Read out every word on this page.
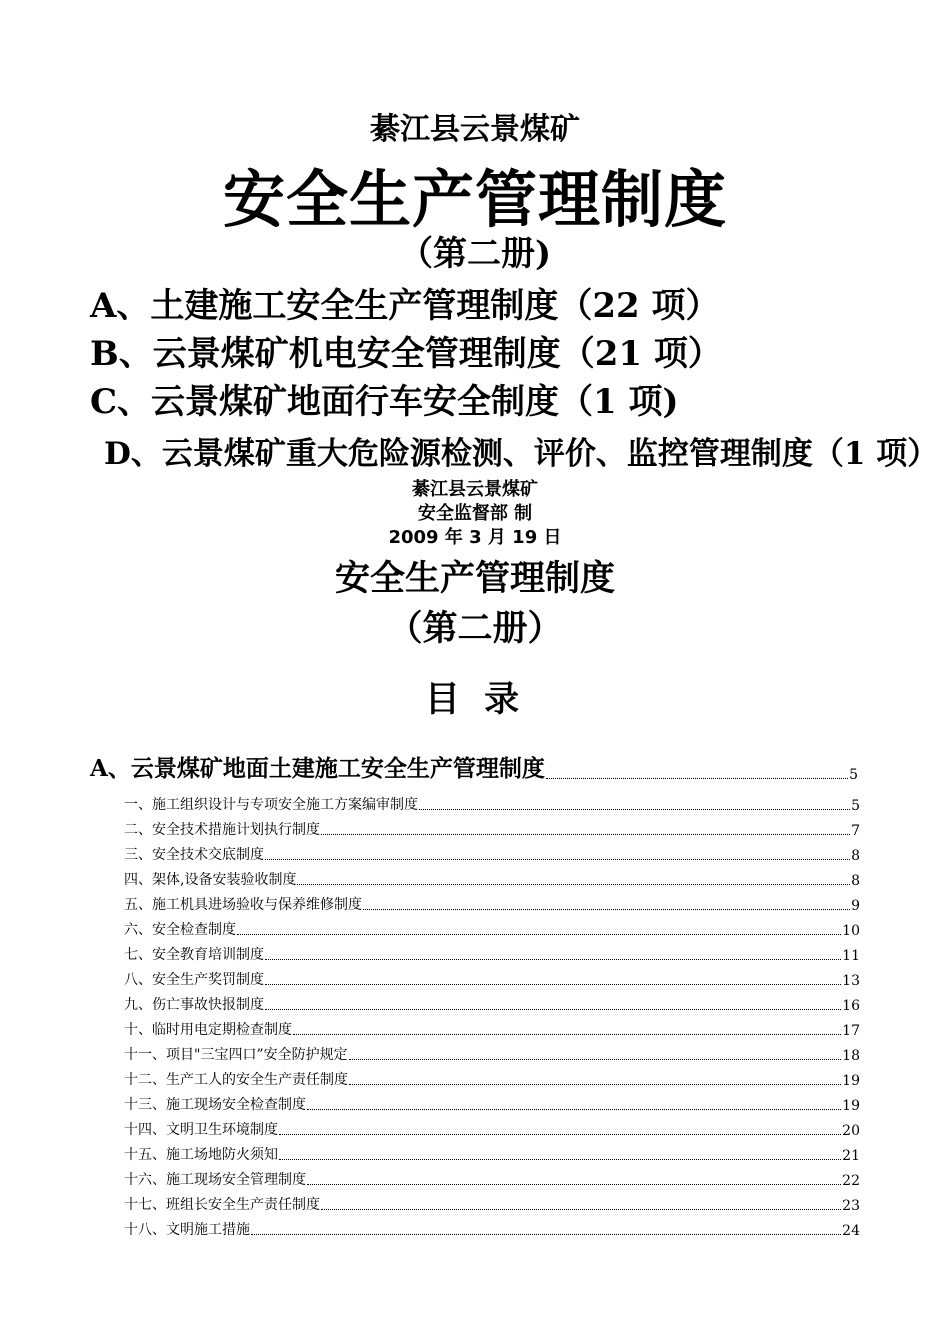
綦江县云景煤矿
安全生产管理制度
（第二册)
A、土建施工安全生产管理制度（22 项）
B、云景煤矿机电安全管理制度（21 项）
C、云景煤矿地面行车安全制度（1 项)
D、云景煤矿重大危险源检测、评价、监控管理制度（1 项）
綦江县云景煤矿
安全监督部 制
2009 年 3 月 19 日
安全生产管理制度
（第二册）
目 录
A、云景煤矿地面土建施工安全生产管理制度	5
一、施工组织设计与专项安全施工方案编审制度	5
二、安全技术措施计划执行制度	7
三、安全技术交底制度	8
四、架体,设备安装验收制度	8
五、施工机具进场验收与保养维修制度	9
六、安全检查制度	10
七、安全教育培训制度	11
八、安全生产奖罚制度	13
九、伤亡事故快报制度	16
十、临时用电定期检查制度	17
十一、项目"三宝四口”安全防护规定	18
十二、生产工人的安全生产责任制度	19
十三、施工现场安全检查制度	19
十四、文明卫生环境制度	20
十五、施工场地防火须知	21
十六、施工现场安全管理制度	22
十七、班组长安全生产责任制度	23
十八、文明施工措施	24
